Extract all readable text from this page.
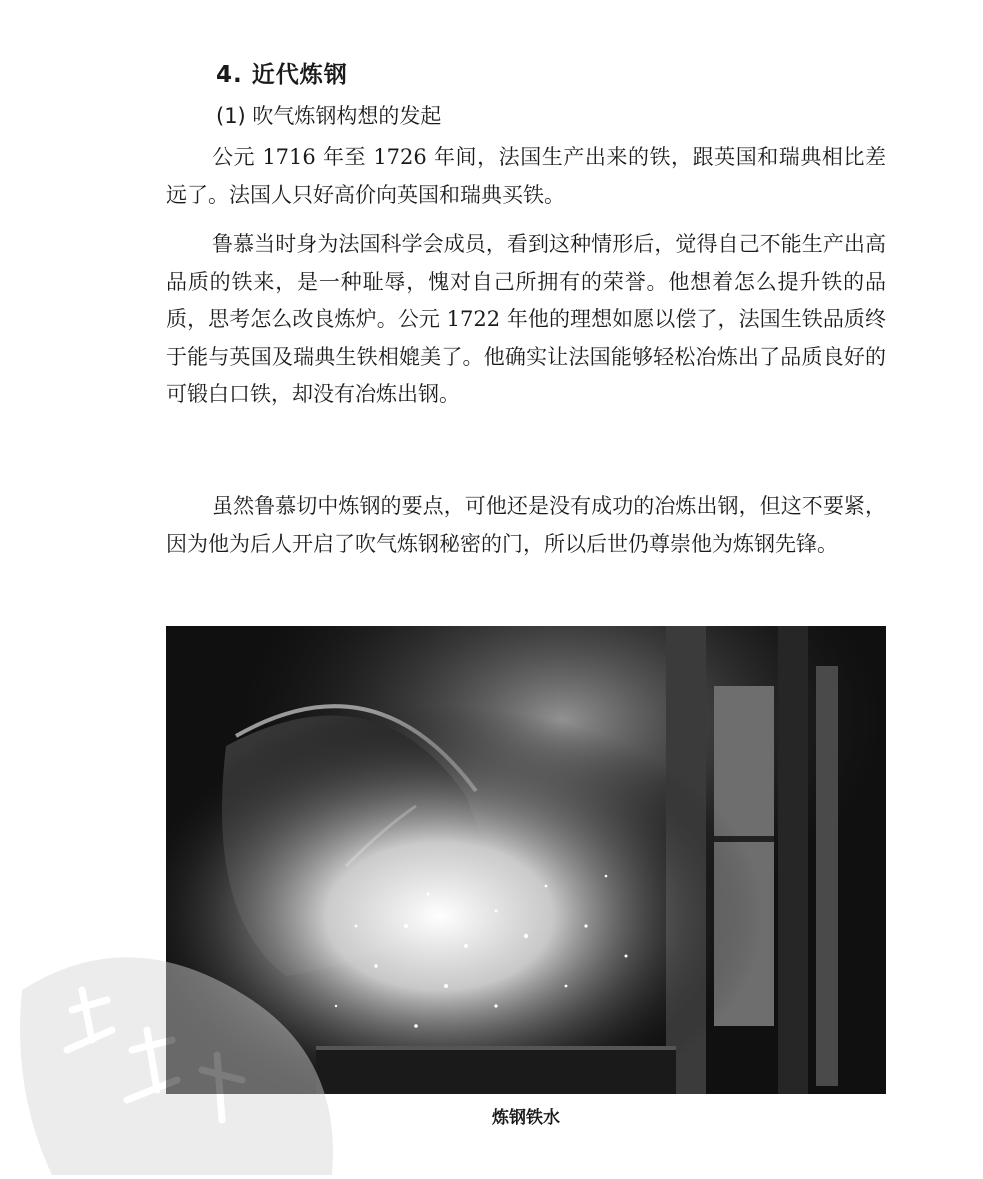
4. 近代炼钢
(1) 吹气炼钢构想的发起

公元 1716 年至 1726 年间，法国生产出来的铁，跟英国和瑞典相比差远了。法国人只好高价向英国和瑞典买铁。

鲁慕当时身为法国科学会成员，看到这种情形后，觉得自己不能生产出高品质的铁来，是一种耻辱，愧对自己所拥有的荣誉。他想着怎么提升铁的品质，思考怎么改良炼炉。公元 1722 年他的理想如愿以偿了，法国生铁品质终于能与英国及瑞典生铁相媲美了。他确实让法国能够轻松冶炼出了品质良好的可锻白口铁，却没有冶炼出钢。

虽然鲁慕切中炼钢的要点，可他还是没有成功的冶炼出钢，但这不要紧，因为他为后人开启了吹气炼钢秘密的门，所以后世仍尊崇他为炼钢先锋。

炼钢铁水
